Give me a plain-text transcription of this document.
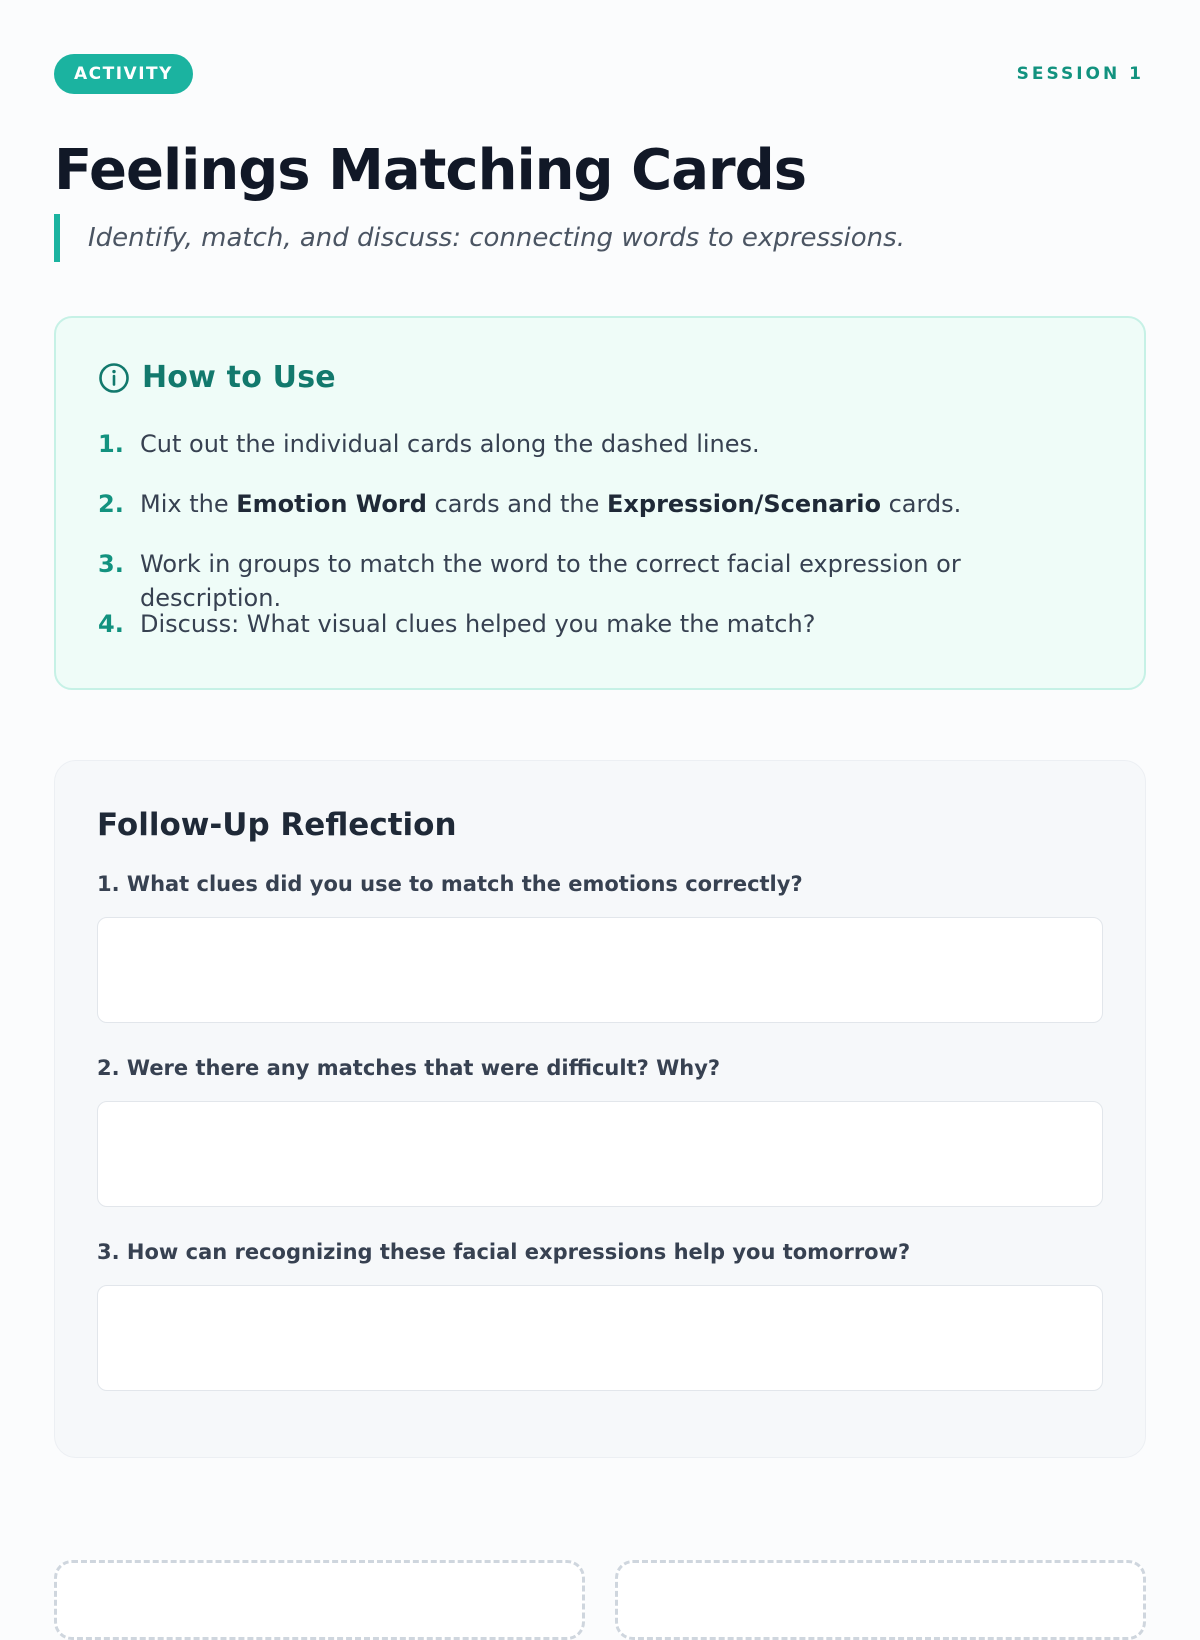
ACTIVITY	SESSION 1
Feelings Matching Cards
Identify, match, and discuss: connecting words to expressions.
How to Use
1. Cut out the individual cards along the dashed lines.
2. Mix the Emotion Word cards and the Expression/Scenario cards.
3. Work in groups to match the word to the correct facial expression or description.
4. Discuss: What visual clues helped you make the match?
Follow-Up Reflection
1. What clues did you use to match the emotions correctly?
2. Were there any matches that were difficult? Why?
3. How can recognizing these facial expressions help you tomorrow?
